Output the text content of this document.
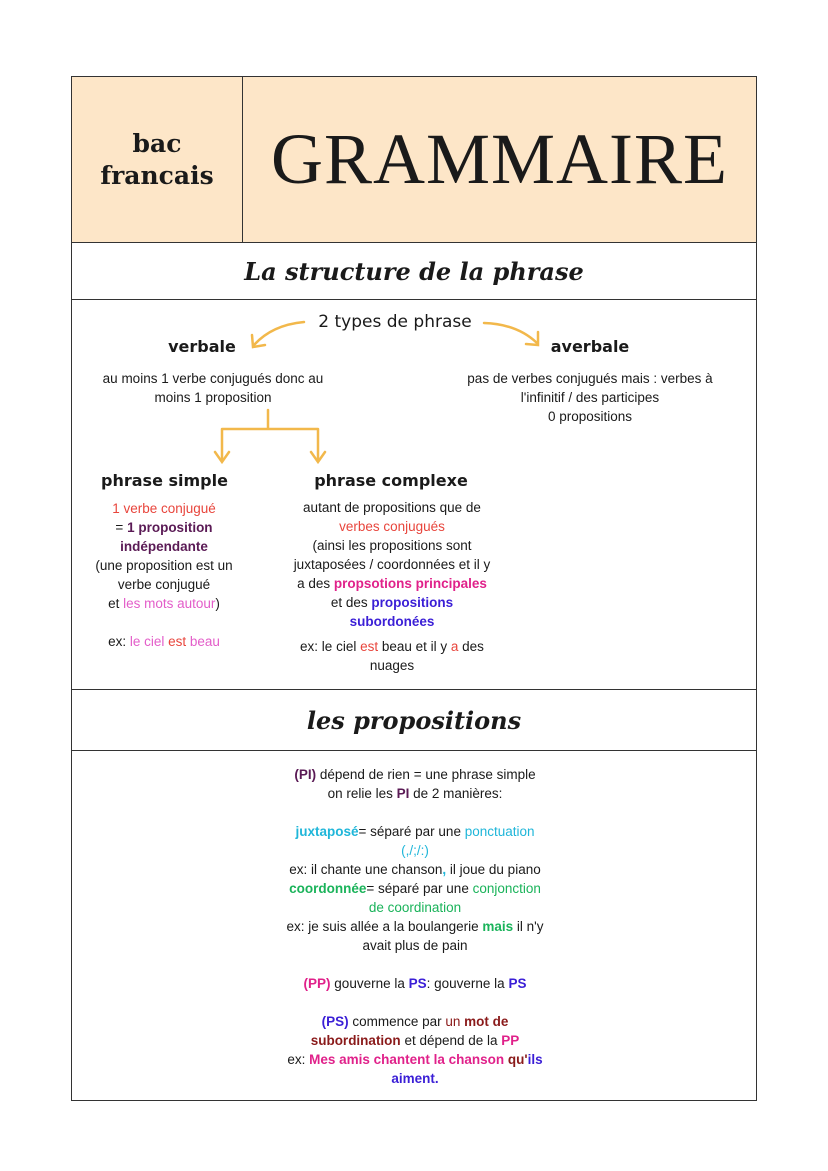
bac
francais GRAMMAIRE
La structure de la phrase
2 types de phrase
verbale
au moins 1 verbe conjugués donc au
moins 1 proposition
averbale
pas de verbes conjugués mais : verbes à
l'infinitif / des participes
0 propositions
phrase simple
1 verbe conjugué
= 1 proposition
indépendante
(une proposition est un
verbe conjugué
et les mots autour)
ex: le ciel est beau
phrase complexe
autant de propositions que de
verbes conjugués
(ainsi les propositions sont
juxtaposées / coordonnées et il y
a des propsotions principales
et des propositions
subordonées
ex: le ciel est beau et il y a des
nuages
les propositions
(PI) dépend de rien = une phrase simple
on relie les PI de 2 manières:
juxtaposé= séparé par une ponctuation
(,/;/:)
ex: il chante une chanson, il joue du piano
coordonnée= séparé par une conjonction
de coordination
ex: je suis allée a la boulangerie mais il n'y
avait plus de pain
(PP) gouverne la PS: gouverne la PS
(PS) commence par un mot de
subordination et dépend de la PP
ex: Mes amis chantent la chanson qu'ils
aiment.
